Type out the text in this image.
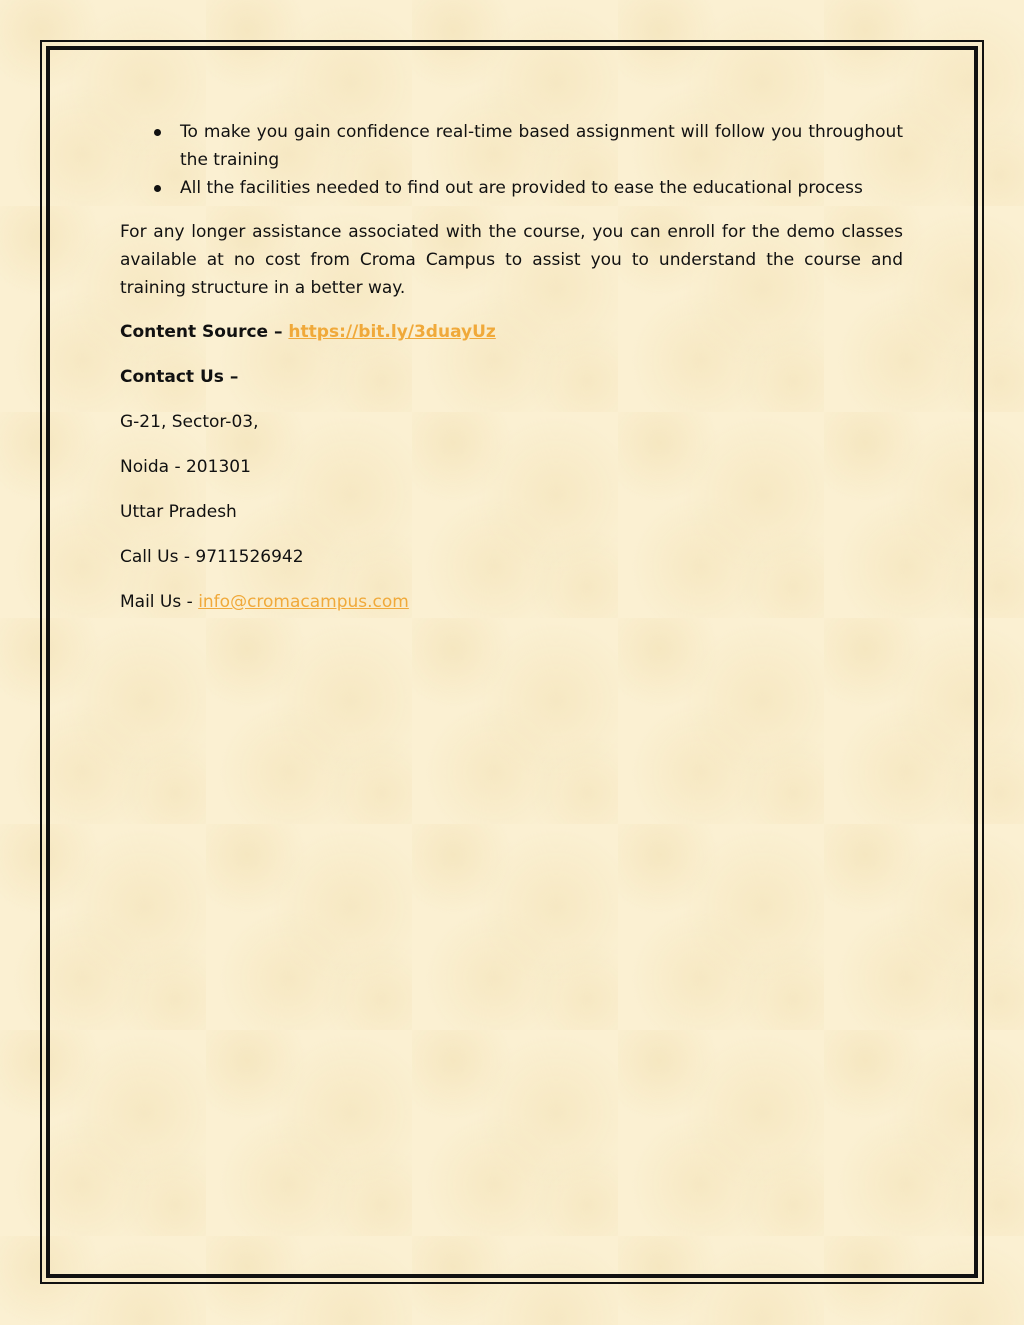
To make you gain confidence real-time based assignment will follow you throughout the training
All the facilities needed to find out are provided to ease the educational process

For any longer assistance associated with the course, you can enroll for the demo classes available at no cost from Croma Campus to assist you to understand the course and training structure in a better way.

Content Source – https://bit.ly/3duayUz
Contact Us –
G-21, Sector-03,
Noida - 201301
Uttar Pradesh
Call Us - 9711526942
Mail Us - info@cromacampus.com
